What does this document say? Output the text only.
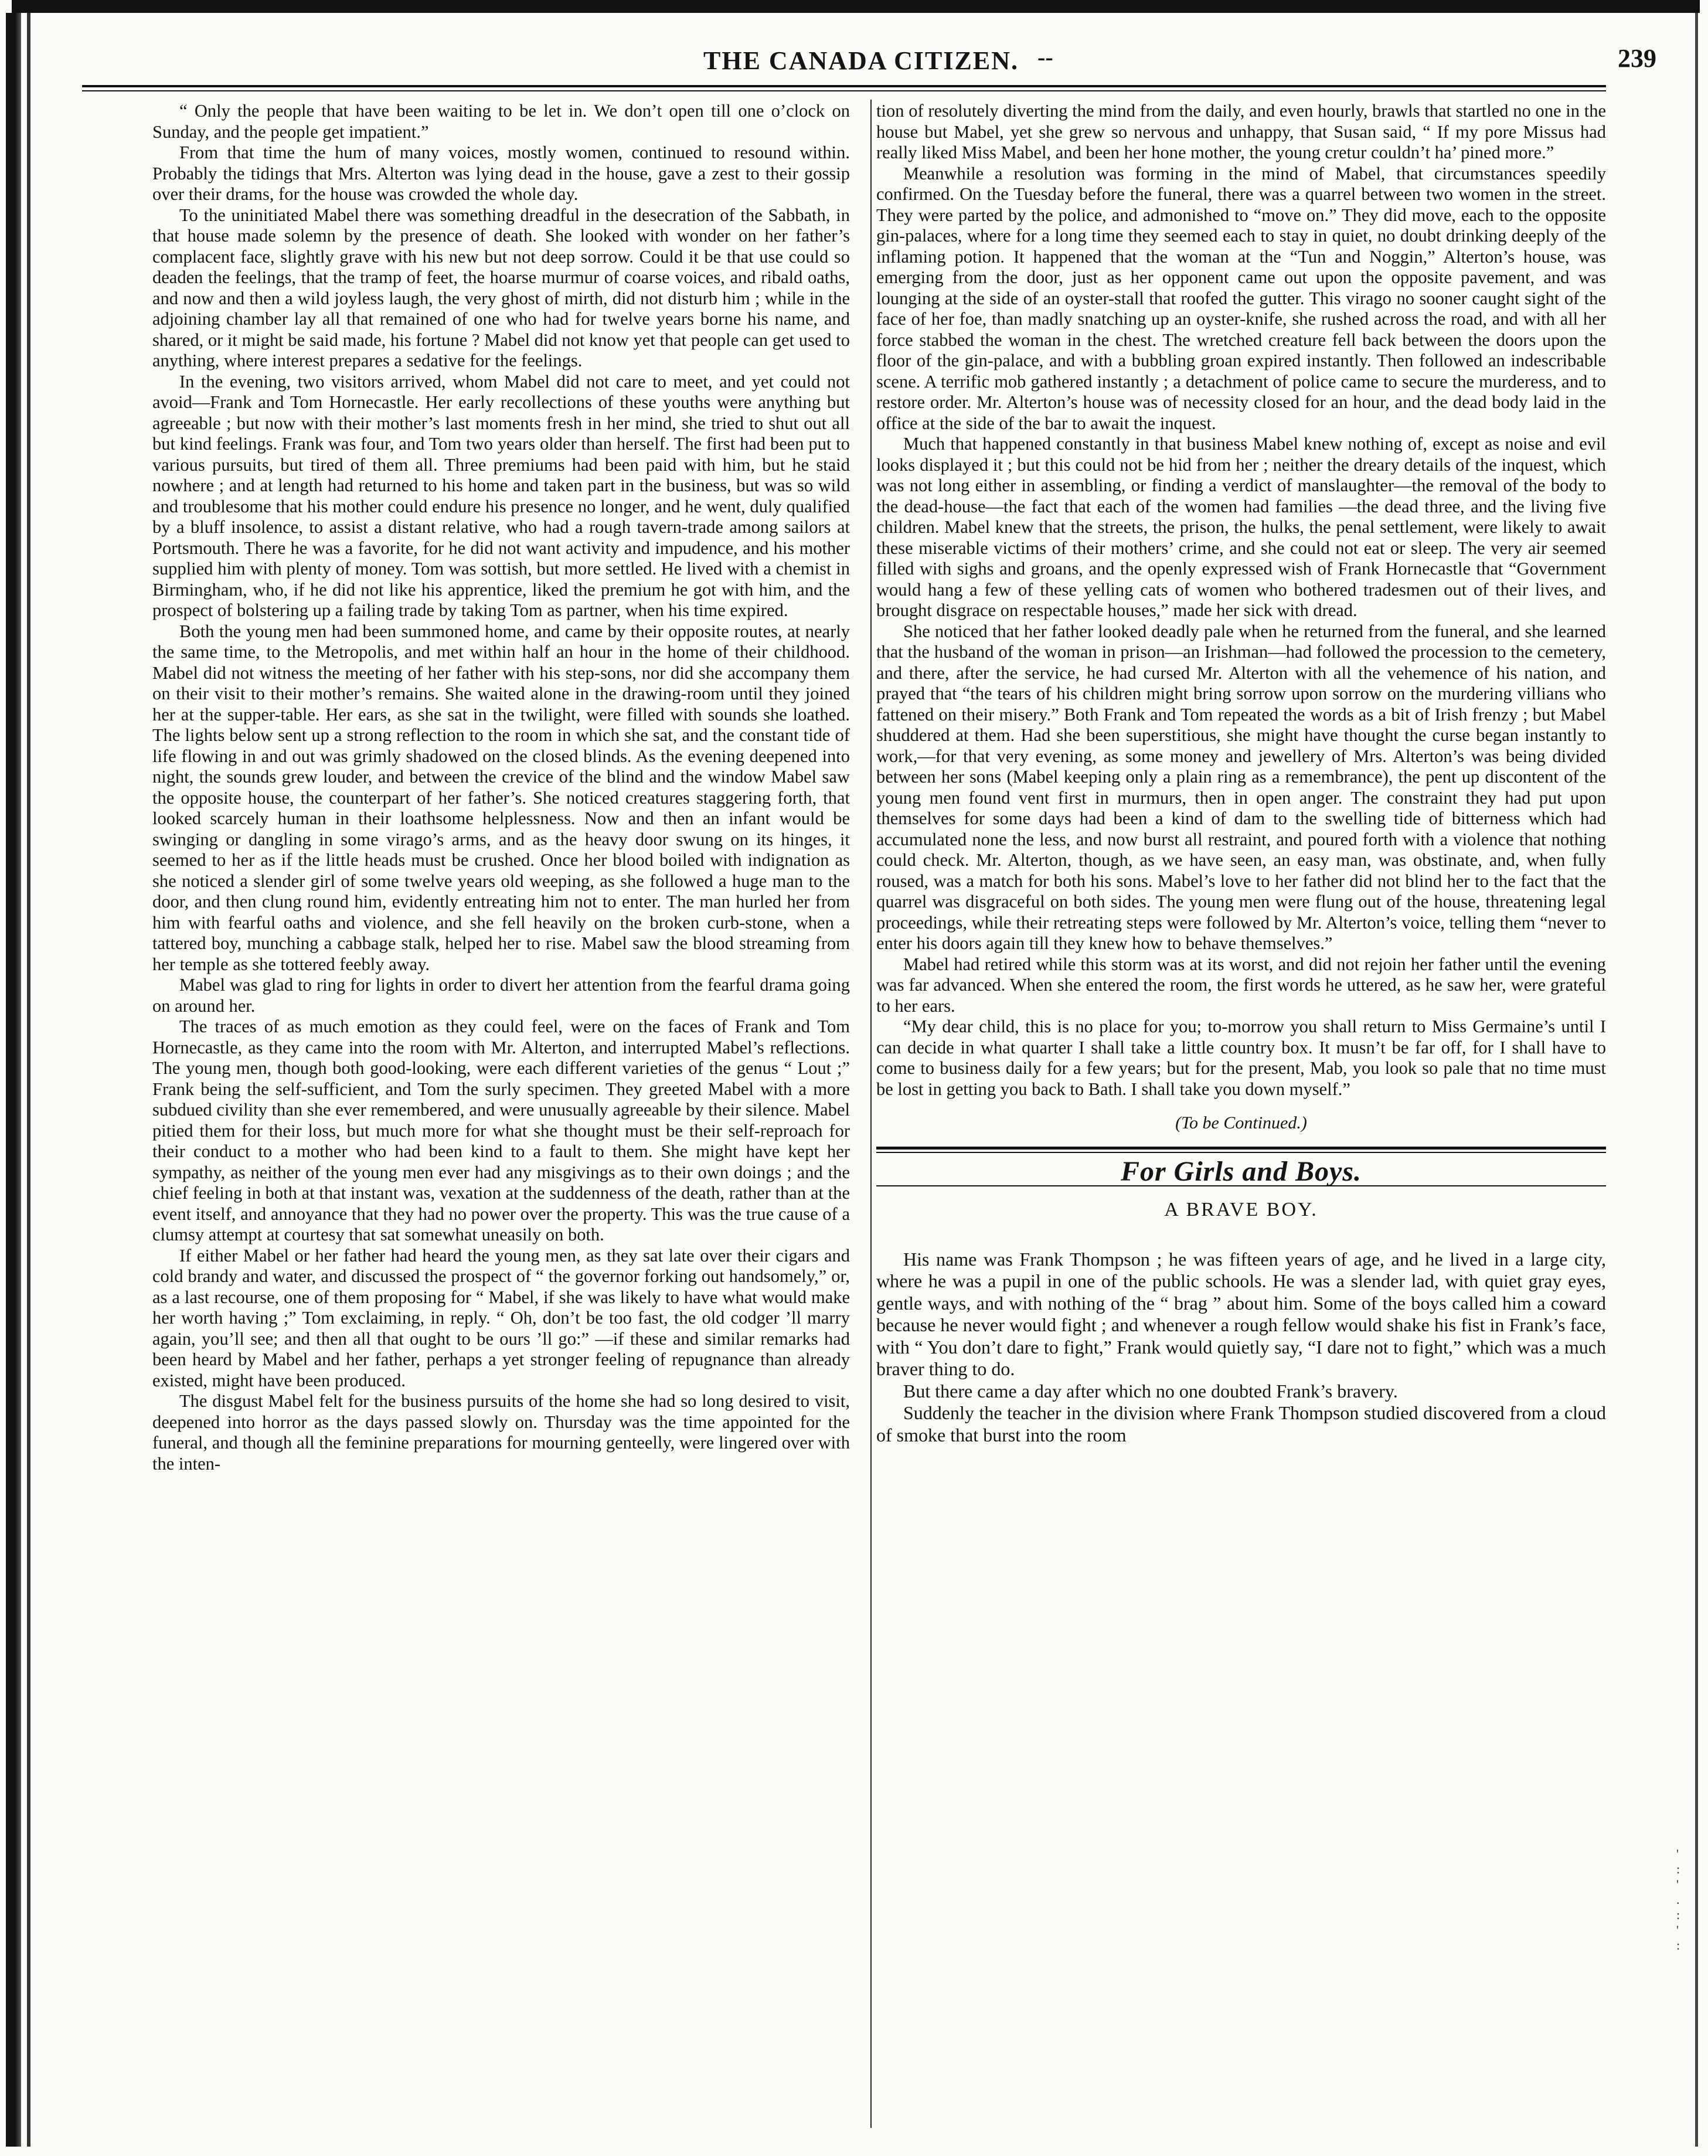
THE CANADA CITIZEN. --	239

“ Only the people that have been waiting to be let in. We don’t open till one o’clock on Sunday, and the people get impatient.”

From that time the hum of many voices, mostly women, continued to resound within. Probably the tidings that Mrs. Alterton was lying dead in the house, gave a zest to their gossip over their drams, for the house was crowded the whole day.

To the uninitiated Mabel there was something dreadful in the desecration of the Sabbath, in that house made solemn by the presence of death. She looked with wonder on her father’s complacent face, slightly grave with his new but not deep sorrow. Could it be that use could so deaden the feelings, that the tramp of feet, the hoarse murmur of coarse voices, and ribald oaths, and now and then a wild joyless laugh, the very ghost of mirth, did not disturb him ; while in the adjoining chamber lay all that remained of one who had for twelve years borne his name, and shared, or it might be said made, his fortune ? Mabel did not know yet that people can get used to anything, where interest prepares a sedative for the feelings.

In the evening, two visitors arrived, whom Mabel did not care to meet, and yet could not avoid—Frank and Tom Hornecastle. Her early recollections of these youths were anything but agreeable ; but now with their mother’s last moments fresh in her mind, she tried to shut out all but kind feelings. Frank was four, and Tom two years older than herself. The first had been put to various pursuits, but tired of them all. Three premiums had been paid with him, but he staid nowhere ; and at length had returned to his home and taken part in the business, but was so wild and troublesome that his mother could endure his presence no longer, and he went, duly qualified by a bluff insolence, to assist a distant relative, who had a rough tavern-trade among sailors at Portsmouth. There he was a favorite, for he did not want activity and impudence, and his mother supplied him with plenty of money. Tom was sottish, but more settled. He lived with a chemist in Birmingham, who, if he did not like his apprentice, liked the premium he got with him, and the prospect of bolstering up a failing trade by taking Tom as partner, when his time expired.

Both the young men had been summoned home, and came by their opposite routes, at nearly the same time, to the Metropolis, and met within half an hour in the home of their childhood. Mabel did not witness the meeting of her father with his step-sons, nor did she accompany them on their visit to their mother’s remains. She waited alone in the drawing-room until they joined her at the supper-table. Her ears, as she sat in the twilight, were filled with sounds she loathed. The lights below sent up a strong reflection to the room in which she sat, and the constant tide of life flowing in and out was grimly shadowed on the closed blinds. As the evening deepened into night, the sounds grew louder, and between the crevice of the blind and the window Mabel saw the opposite house, the counterpart of her father’s. She noticed creatures staggering forth, that looked scarcely human in their loathsome helplessness. Now and then an infant would be swinging or dangling in some virago’s arms, and as the heavy door swung on its hinges, it seemed to her as if the little heads must be crushed. Once her blood boiled with indignation as she noticed a slender girl of some twelve years old weeping, as she followed a huge man to the door, and then clung round him, evidently entreating him not to enter. The man hurled her from him with fearful oaths and violence, and she fell heavily on the broken curb-stone, when a tattered boy, munching a cabbage stalk, helped her to rise. Mabel saw the blood streaming from her temple as she tottered feebly away.

Mabel was glad to ring for lights in order to divert her attention from the fearful drama going on around her.

The traces of as much emotion as they could feel, were on the faces of Frank and Tom Hornecastle, as they came into the room with Mr. Alterton, and interrupted Mabel’s reflections. The young men, though both good-looking, were each different varieties of the genus “ Lout ;” Frank being the self-sufficient, and Tom the surly specimen. They greeted Mabel with a more subdued civility than she ever remembered, and were unusually agreeable by their silence. Mabel pitied them for their loss, but much more for what she thought must be their self-reproach for their conduct to a mother who had been kind to a fault to them. She might have kept her sympathy, as neither of the young men ever had any misgivings as to their own doings ; and the chief feeling in both at that instant was, vexation at the suddenness of the death, rather than at the event itself, and annoyance that they had no power over the property. This was the true cause of a clumsy attempt at courtesy that sat somewhat uneasily on both.

If either Mabel or her father had heard the young men, as they sat late over their cigars and cold brandy and water, and discussed the prospect of “ the governor forking out handsomely,” or, as a last recourse, one of them proposing for “ Mabel, if she was likely to have what would make her worth having ;” Tom exclaiming, in reply. “ Oh, don’t be too fast, the old codger ’ll marry again, you’ll see; and then all that ought to be ours ’ll go:” —if these and similar remarks had been heard by Mabel and her father, perhaps a yet stronger feeling of repugnance than already existed, might have been produced.

The disgust Mabel felt for the business pursuits of the home she had so long desired to visit, deepened into horror as the days passed slowly on. Thursday was the time appointed for the funeral, and though all the feminine preparations for mourning genteelly, were lingered over with the inten-

tion of resolutely diverting the mind from the daily, and even hourly, brawls that startled no one in the house but Mabel, yet she grew so nervous and unhappy, that Susan said, “ If my pore Missus had really liked Miss Mabel, and been her hone mother, the young cretur couldn’t ha’ pined more.”

Meanwhile a resolution was forming in the mind of Mabel, that circumstances speedily confirmed. On the Tuesday before the funeral, there was a quarrel between two women in the street. They were parted by the police, and admonished to “move on.” They did move, each to the opposite gin-palaces, where for a long time they seemed each to stay in quiet, no doubt drinking deeply of the inflaming potion. It happened that the woman at the “Tun and Noggin,” Alterton’s house, was emerging from the door, just as her opponent came out upon the opposite pavement, and was lounging at the side of an oyster-stall that roofed the gutter. This virago no sooner caught sight of the face of her foe, than madly snatching up an oyster-knife, she rushed across the road, and with all her force stabbed the woman in the chest. The wretched creature fell back between the doors upon the floor of the gin-palace, and with a bubbling groan expired instantly. Then followed an indescribable scene. A terrific mob gathered instantly ; a detachment of police came to secure the murderess, and to restore order. Mr. Alterton’s house was of necessity closed for an hour, and the dead body laid in the office at the side of the bar to await the inquest.

Much that happened constantly in that business Mabel knew nothing of, except as noise and evil looks displayed it ; but this could not be hid from her ; neither the dreary details of the inquest, which was not long either in assembling, or finding a verdict of manslaughter—the removal of the body to the dead-house—the fact that each of the women had families —the dead three, and the living five children. Mabel knew that the streets, the prison, the hulks, the penal settlement, were likely to await these miserable victims of their mothers’ crime, and she could not eat or sleep. The very air seemed filled with sighs and groans, and the openly expressed wish of Frank Hornecastle that “Government would hang a few of these yelling cats of women who bothered tradesmen out of their lives, and brought disgrace on respectable houses,” made her sick with dread.

She noticed that her father looked deadly pale when he returned from the funeral, and she learned that the husband of the woman in prison—an Irishman—had followed the procession to the cemetery, and there, after the service, he had cursed Mr. Alterton with all the vehemence of his nation, and prayed that “the tears of his children might bring sorrow upon sorrow on the murdering villians who fattened on their misery.” Both Frank and Tom repeated the words as a bit of Irish frenzy ; but Mabel shuddered at them. Had she been superstitious, she might have thought the curse began instantly to work,—for that very evening, as some money and jewellery of Mrs. Alterton’s was being divided between her sons (Mabel keeping only a plain ring as a remembrance), the pent up discontent of the young men found vent first in murmurs, then in open anger. The constraint they had put upon themselves for some days had been a kind of dam to the swelling tide of bitterness which had accumulated none the less, and now burst all restraint, and poured forth with a violence that nothing could check. Mr. Alterton, though, as we have seen, an easy man, was obstinate, and, when fully roused, was a match for both his sons. Mabel’s love to her father did not blind her to the fact that the quarrel was disgraceful on both sides. The young men were flung out of the house, threatening legal proceedings, while their retreating steps were followed by Mr. Alterton’s voice, telling them “never to enter his doors again till they knew how to behave themselves.”

Mabel had retired while this storm was at its worst, and did not rejoin her father until the evening was far advanced. When she entered the room, the first words he uttered, as he saw her, were grateful to her ears.

“My dear child, this is no place for you; to-morrow you shall return to Miss Germaine’s until I can decide in what quarter I shall take a little country box. It musn’t be far off, for I shall have to come to business daily for a few years; but for the present, Mab, you look so pale that no time must be lost in getting you back to Bath. I shall take you down myself.”

(To be Continued.)
For Girls and Boys.
A BRAVE BOY.

His name was Frank Thompson ; he was fifteen years of age, and he lived in a large city, where he was a pupil in one of the public schools. He was a slender lad, with quiet gray eyes, gentle ways, and with nothing of the “ brag ” about him. Some of the boys called him a coward because he never would fight ; and whenever a rough fellow would shake his fist in Frank’s face, with “ You don’t dare to fight,” Frank would quietly say, “I dare not to fight,” which was a much braver thing to do.

But there came a day after which no one doubted Frank’s bravery.

Suddenly the teacher in the division where Frank Thompson studied discovered from a cloud of smoke that burst into the room

'
:
'
.
:
'
:
